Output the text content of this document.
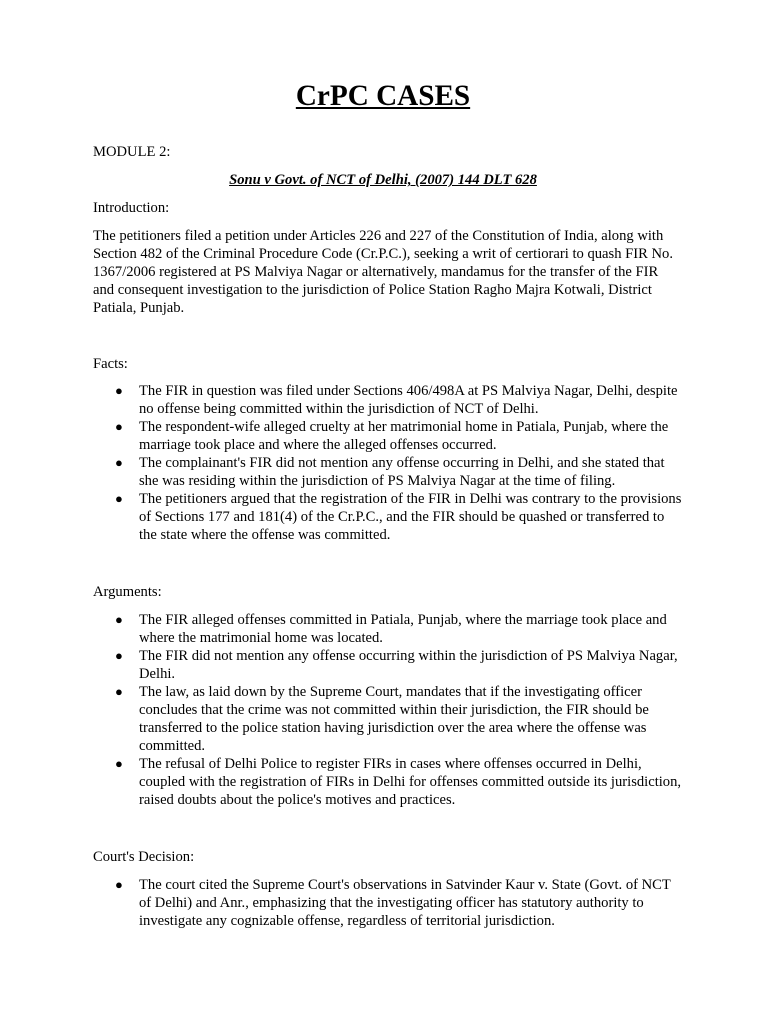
CrPC CASES

MODULE 2:

Sonu v Govt. of NCT of Delhi, (2007) 144 DLT 628

Introduction:

The petitioners filed a petition under Articles 226 and 227 of the Constitution of India, along with Section 482 of the Criminal Procedure Code (Cr.P.C.), seeking a writ of certiorari to quash FIR No. 1367/2006 registered at PS Malviya Nagar or alternatively, mandamus for the transfer of the FIR and consequent investigation to the jurisdiction of Police Station Ragho Majra Kotwali, District Patiala, Punjab.

Facts:

● The FIR in question was filed under Sections 406/498A at PS Malviya Nagar, Delhi, despite no offense being committed within the jurisdiction of NCT of Delhi.
● The respondent-wife alleged cruelty at her matrimonial home in Patiala, Punjab, where the marriage took place and where the alleged offenses occurred.
● The complainant's FIR did not mention any offense occurring in Delhi, and she stated that she was residing within the jurisdiction of PS Malviya Nagar at the time of filing.
● The petitioners argued that the registration of the FIR in Delhi was contrary to the provisions of Sections 177 and 181(4) of the Cr.P.C., and the FIR should be quashed or transferred to the state where the offense was committed.

Arguments:

● The FIR alleged offenses committed in Patiala, Punjab, where the marriage took place and where the matrimonial home was located.
● The FIR did not mention any offense occurring within the jurisdiction of PS Malviya Nagar, Delhi.
● The law, as laid down by the Supreme Court, mandates that if the investigating officer concludes that the crime was not committed within their jurisdiction, the FIR should be transferred to the police station having jurisdiction over the area where the offense was committed.
● The refusal of Delhi Police to register FIRs in cases where offenses occurred in Delhi, coupled with the registration of FIRs in Delhi for offenses committed outside its jurisdiction, raised doubts about the police's motives and practices.

Court's Decision:

● The court cited the Supreme Court's observations in Satvinder Kaur v. State (Govt. of NCT of Delhi) and Anr., emphasizing that the investigating officer has statutory authority to investigate any cognizable offense, regardless of territorial jurisdiction.
